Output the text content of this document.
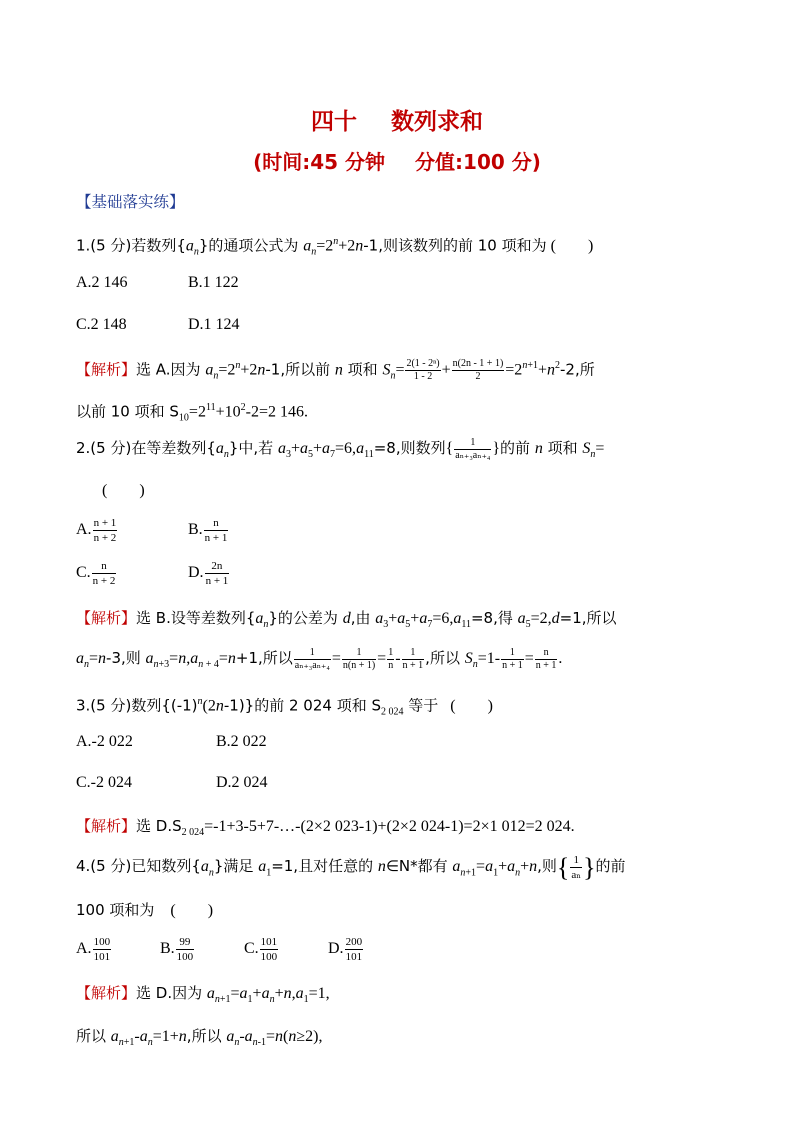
四十 数列求和
(时间:45 分钟 分值:100 分)
【基础落实练】
1.(5 分)若数列$\{a_n\}$的通项公式为 $a_n=2^n+2n-1$,则该数列的前 10 项和为 (　　)
A.2 146	B.1 122
C.2 148	D.1 124
【解析】选 A.因为 $a_n=2^n+2n-1$,所以前 n 项和 $S_n= \frac{\text{2(1 - 2ⁿ)}}{1 - 2} + \frac{n(2n - 1 + 1)}{2} =2^{n+1}+n^2-2$,所
以前 10 项和 $S_{10}=2^{11}+10^2-2=2$ 146.
2.(5 分)在等差数列$\{a_n\}$中,若 $a_3+a_5+a_7=6,a_{11}=8$,则数列{ $\frac{1}{\text{aₙ₊₃aₙ₊₄}}$ }的前 n 项和 $S_n=$
(　　)
A. $\frac{n + 1}{n + 2}$	B. $\frac{n}{n + 1}$
C. $\frac{n}{n + 2}$	D. $\frac{2n}{n + 1}$
【解析】选 B.设等差数列$\{a_n\}$的公差为 d,由 $a_3+a_5+a_7=6,a_{11}=8$,得 $a_5=2,d=1$,所以
$a_n=n-3$,则 $a_{n+3}=n,a_{n + 4}=n+1$,所以 $\frac{1}{\text{aₙ₊₃aₙ₊₄}} = \frac{1}{n(n + 1)} = \frac{1}{n} - \frac{1}{n + 1}$ ,所以 $S_n=1- \frac{1}{n + 1} = \frac{n}{n + 1}$ .
3.(5 分)数列$\{(-1)^n(2n-1)\}$的前 2 024 项和 $S_{2 024}$ 等于 (　　)
A.-2 022	B.2 022
C.-2 024	D.2 024
【解析】选 $D.S_{2 024}=-1+3-5+7-\dots-(2\times 2$ 023-1)+(2×2 024-1)=2×1 012=2 024.
4.(5 分)已知数列$\{a_n\}$满足 $a_1=1$,且对任意的 n∈N*都有 $a_{n+1}=a_1+a_n+n$,则{ $\frac{1}{\text{aₙ}}$ }的前
100 项和为 (　　)
A. $\frac{100}{101}$	B. $\frac{99}{100}$	C. $\frac{101}{100}$	D. $\frac{200}{101}$
【解析】选 D.因为 $a_{n+1}=a_1+a_n+n,a_1=1$,
所以 $a_{n+1}-a_n=1+n$,所以 $a_n-a_{n-1}=n(n\ge 2)$,
